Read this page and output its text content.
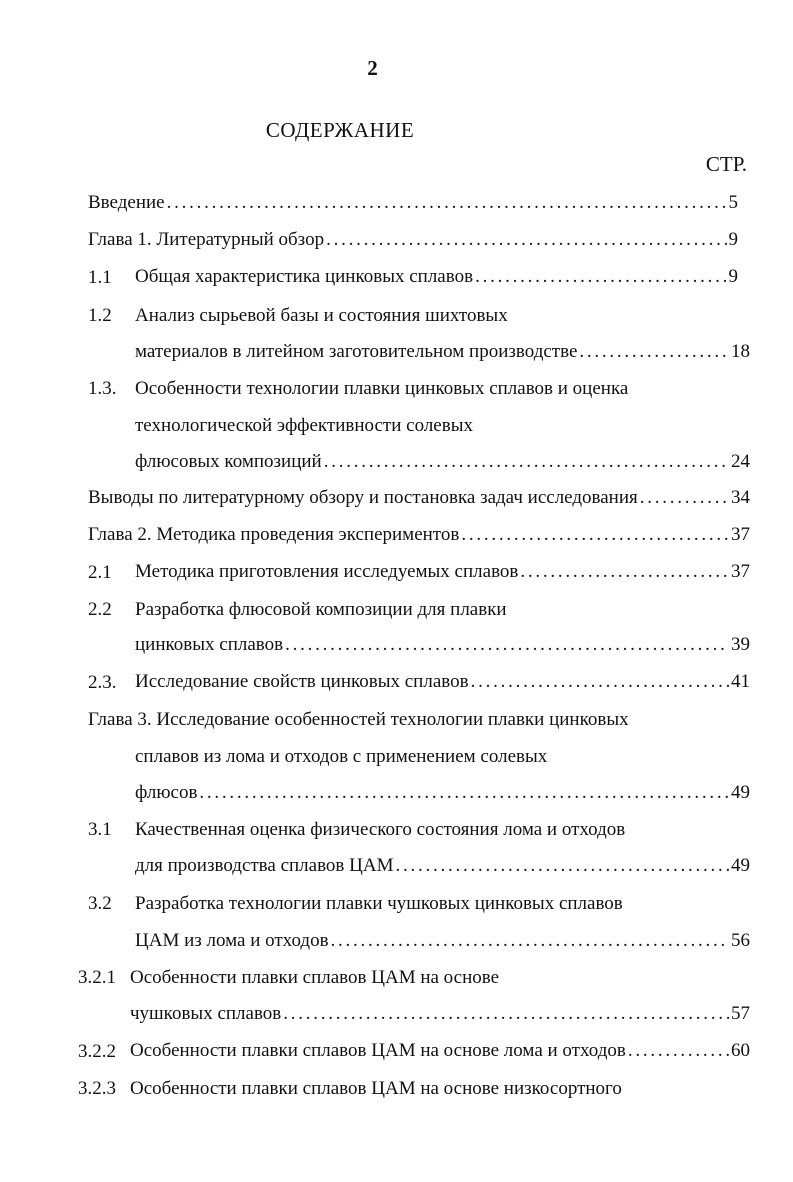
2
СОДЕРЖАНИЕ
СТР.
Введение . . .	5
Глава 1. Литературный обзор . . .	9
1.1 Общая характеристика цинковых сплавов . . .	9
1.2 Анализ сырьевой базы и состояния шихтовых
материалов в литейном заготовительном производстве . . .	18
1.3. Особенности технологии плавки цинковых сплавов и оценка
технологической эффективности солевых
флюсовых композиций . . .	24
Выводы по литературному обзору и постановка задач исследования . . .	34
Глава 2. Методика проведения экспериментов . . .	37
2.1 Методика приготовления исследуемых сплавов . . .	37
2.2 Разработка флюсовой композиции для плавки
цинковых сплавов . . .	39
2.3. Исследование свойств цинковых сплавов . . .	41
Глава 3. Исследование особенностей технологии плавки цинковых
сплавов из лома и отходов с применением солевых
флюсов . . .	49
3.1 Качественная оценка физического состояния лома и отходов
для производства сплавов ЦАМ . . .	49
3.2 Разработка технологии плавки чушковых цинковых сплавов
ЦАМ из лома и отходов . . .	56
3.2.1 Особенности плавки сплавов ЦАМ на основе
чушковых сплавов . . .	57
3.2.2 Особенности плавки сплавов ЦАМ на основе лома и отходов . . .	60
3.2.3 Особенности плавки сплавов ЦАМ на основе низкосортного
